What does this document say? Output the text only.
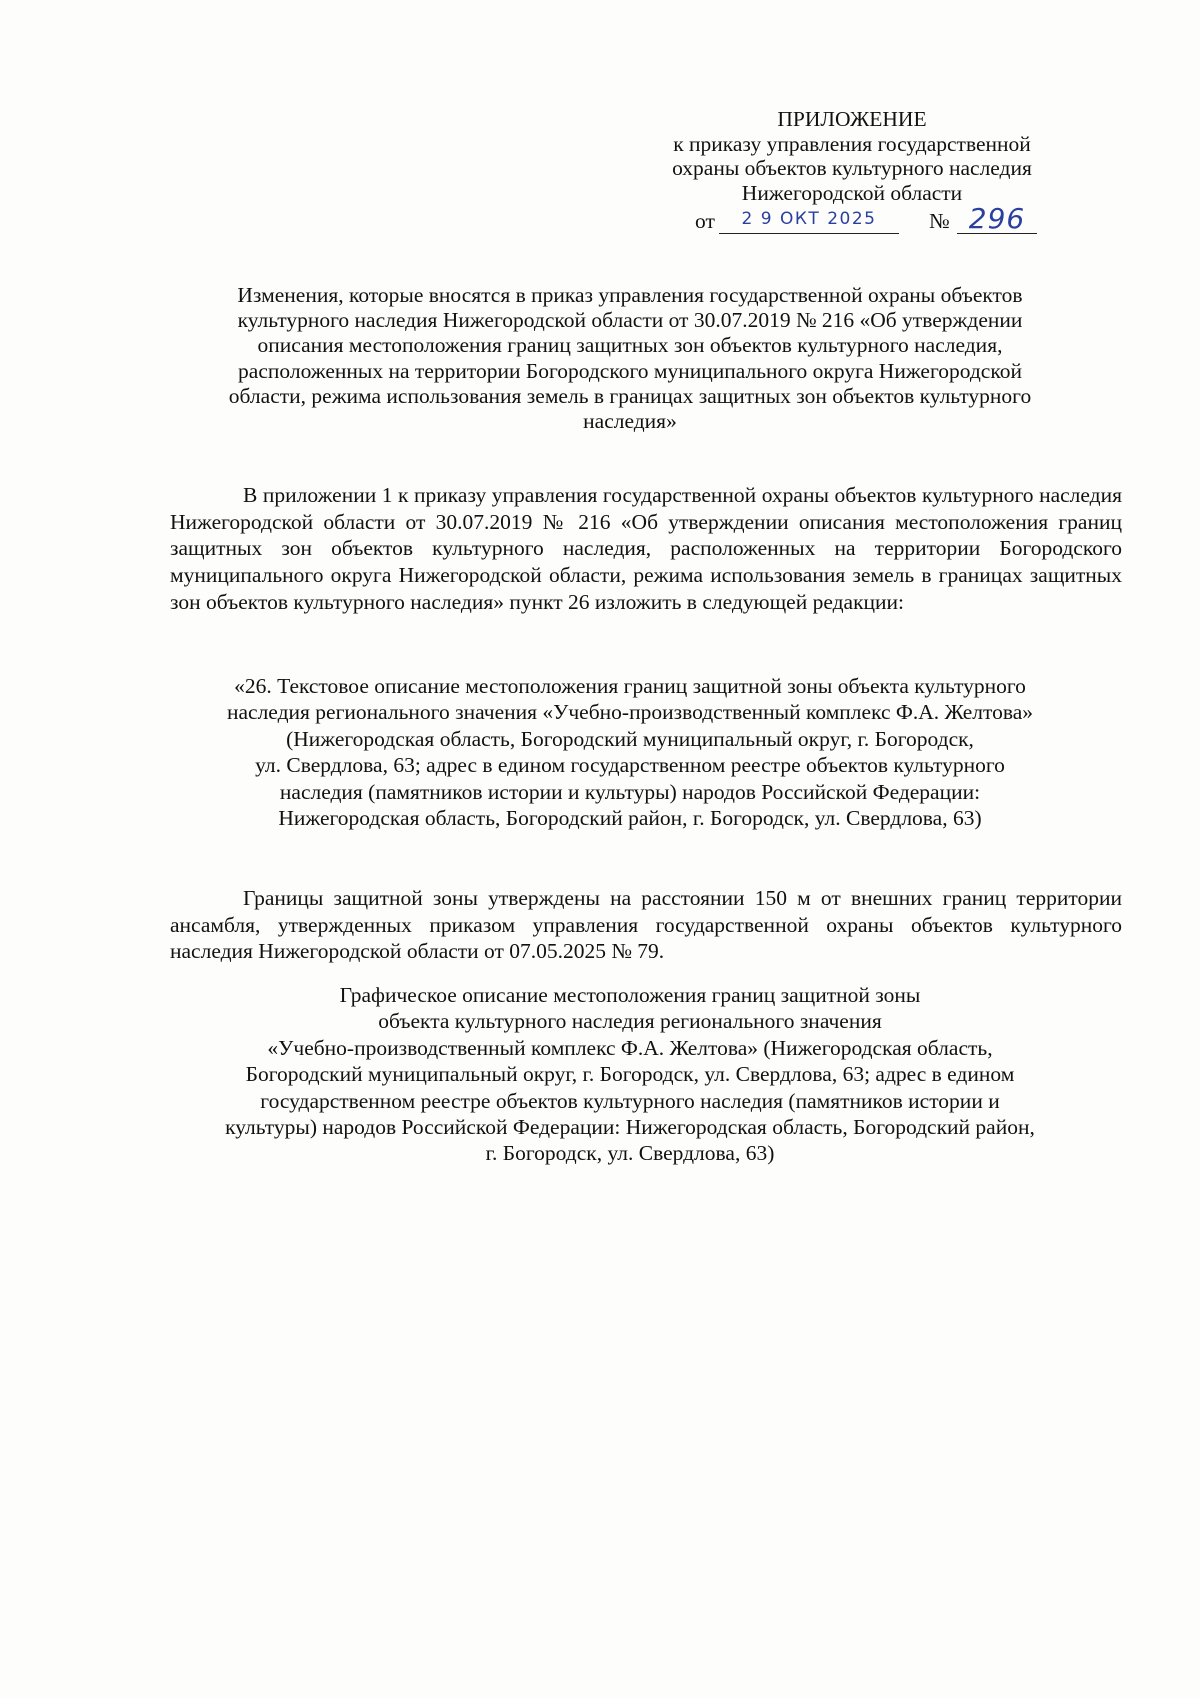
ПРИЛОЖЕНИЕ
к приказу управления государственной
охраны объектов культурного наследия
Нижегородской области
от	2 9 ОКТ 2025	№ 296
Изменения, которые вносятся в приказ управления государственной охраны объектов
культурного наследия Нижегородской области от 30.07.2019 № 216 «Об утверждении
описания местоположения границ защитных зон объектов культурного наследия,
расположенных на территории Богородского муниципального округа Нижегородской
области, режима использования земель в границах защитных зон объектов культурного
наследия»
В приложении 1 к приказу управления государственной охраны объектов культурного наследия Нижегородской области от 30.07.2019 № 216 «Об утверждении описания местоположения границ защитных зон объектов культурного наследия, расположенных на территории Богородского муниципального округа Нижегородской области, режима использования земель в границах защитных зон объектов культурного наследия» пункт 26 изложить в следующей редакции:
«26. Текстовое описание местоположения границ защитной зоны объекта культурного
наследия регионального значения «Учебно-производственный комплекс Ф.А. Желтова»
(Нижегородская область, Богородский муниципальный округ, г. Богородск,
ул. Свердлова, 63; адрес в едином государственном реестре объектов культурного
наследия (памятников истории и культуры) народов Российской Федерации:
Нижегородская область, Богородский район, г. Богородск, ул. Свердлова, 63)
Границы защитной зоны утверждены на расстоянии 150 м от внешних границ территории ансамбля, утвержденных приказом управления государственной охраны объектов культурного наследия Нижегородской области от 07.05.2025 № 79.
Графическое описание местоположения границ защитной зоны
объекта культурного наследия регионального значения
«Учебно-производственный комплекс Ф.А. Желтова» (Нижегородская область,
Богородский муниципальный округ, г. Богородск, ул. Свердлова, 63; адрес в едином
государственном реестре объектов культурного наследия (памятников истории и
культуры) народов Российской Федерации: Нижегородская область, Богородский район,
г. Богородск, ул. Свердлова, 63)
